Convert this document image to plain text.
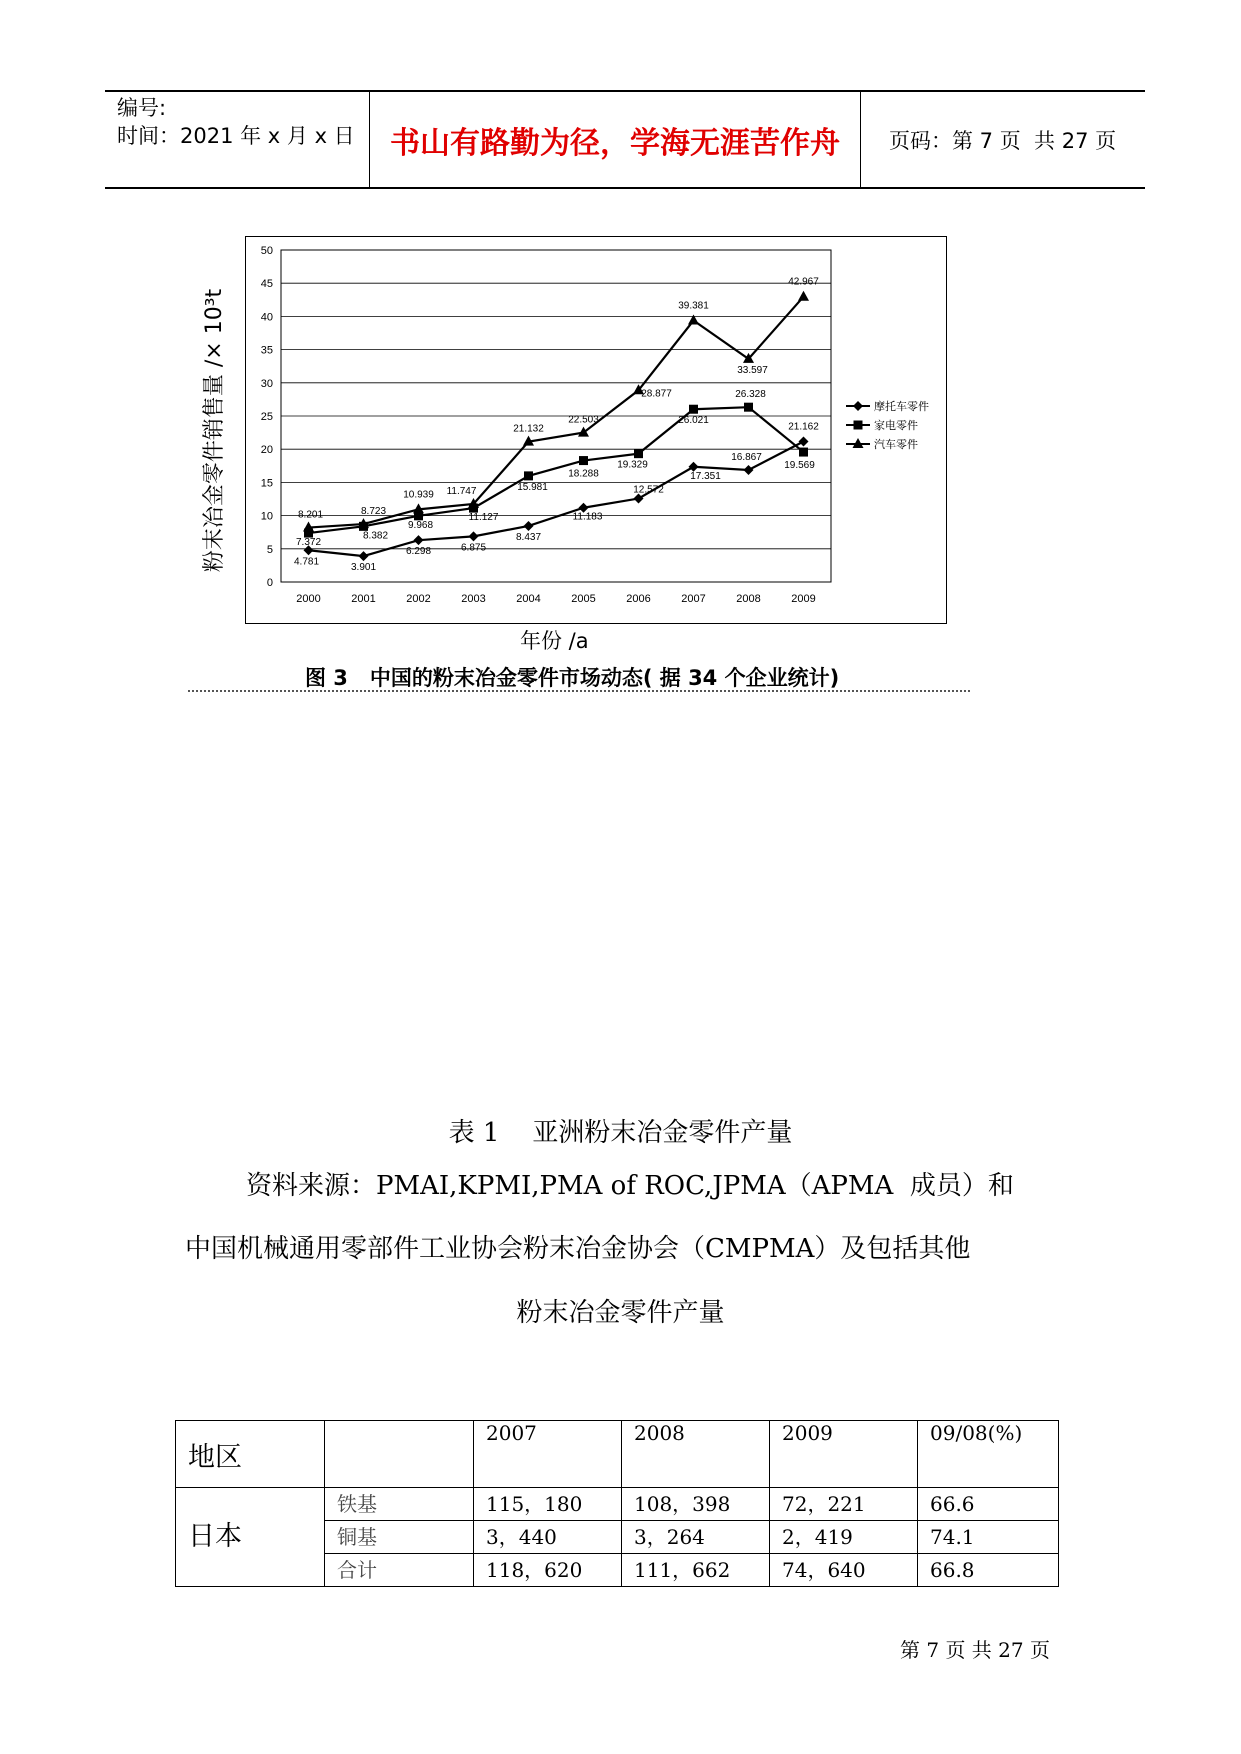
编号:
时间：2021 年 x 月 x 日	书山有路勤为径，学海无涯苦作舟	页码：第 7 页  共 27 页
粉末冶金零件销售量 /× 10³t
0
5
10
15
20
25
30
35
40
45
50
2000	2001	2002	2003	2004	2005	2006	2007	2008	2009
4.781
3.901
6.298	6.875
8.437
11.183
12.572
17.351
16.867
21.162
7.372
8.382
9.968
11.127
15.981
18.288
19.329
26.021
26.328
19.569
8.201	8.723
10.939 11.747
21.132
22.503
28.877
39.381
33.597
42.967
摩托车零件
家电零件
汽车零件
年份 /a
图 3   中国的粉末冶金零件市场动态( 据 34 个企业统计)
表 1    亚洲粉末冶金零件产量
资料来源：PMAI,KPMI,PMA of ROC,JPMA（APMA  成员）和
中国机械通用零部件工业协会粉末冶金协会（CMPMA）及包括其他
粉末冶金零件产量
地区		2007	2008	2009	09/08(%)
日本	铁基	115，180	108，398	72，221	66.6
	铜基	3，440	3，264	2，419	74.1
	合计	118，620	111，662	74，640	66.8
第 7 页 共 27 页
